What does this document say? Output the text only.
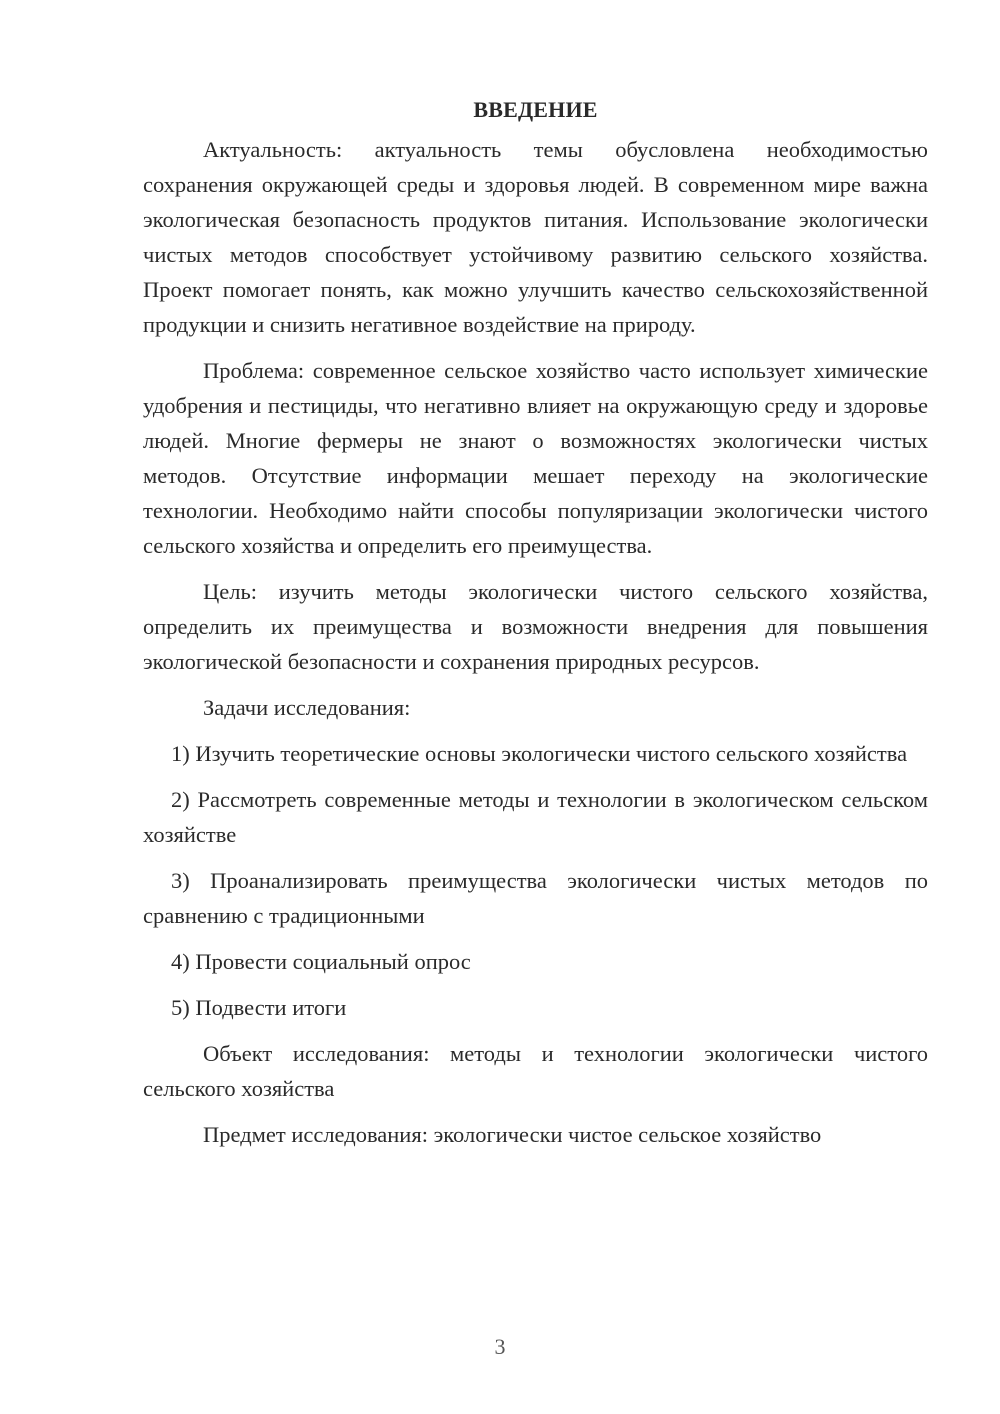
ВВЕДЕНИЕ

Актуальность: актуальность темы обусловлена необходимостью сохранения окружающей среды и здоровья людей. В современном мире важна экологическая безопасность продуктов питания. Использование экологически чистых методов способствует устойчивому развитию сельского хозяйства. Проект помогает понять, как можно улучшить качество сельскохозяйственной продукции и снизить негативное воздействие на природу.

Проблема: современное сельское хозяйство часто использует химические удобрения и пестициды, что негативно влияет на окружающую среду и здоровье людей. Многие фермеры не знают о возможностях экологически чистых методов. Отсутствие информации мешает переходу на экологические технологии. Необходимо найти способы популяризации экологически чистого сельского хозяйства и определить его преимущества.

Цель: изучить методы экологически чистого сельского хозяйства, определить их преимущества и возможности внедрения для повышения экологической безопасности и сохранения природных ресурсов.

Задачи исследования:

1) Изучить теоретические основы экологически чистого сельского хозяйства

2) Рассмотреть современные методы и технологии в экологическом сельском хозяйстве

3) Проанализировать преимущества экологически чистых методов по сравнению с традиционными

4) Провести социальный опрос

5) Подвести итоги

Объект исследования: методы и технологии экологически чистого сельского хозяйства

Предмет исследования: экологически чистое сельское хозяйство

3
